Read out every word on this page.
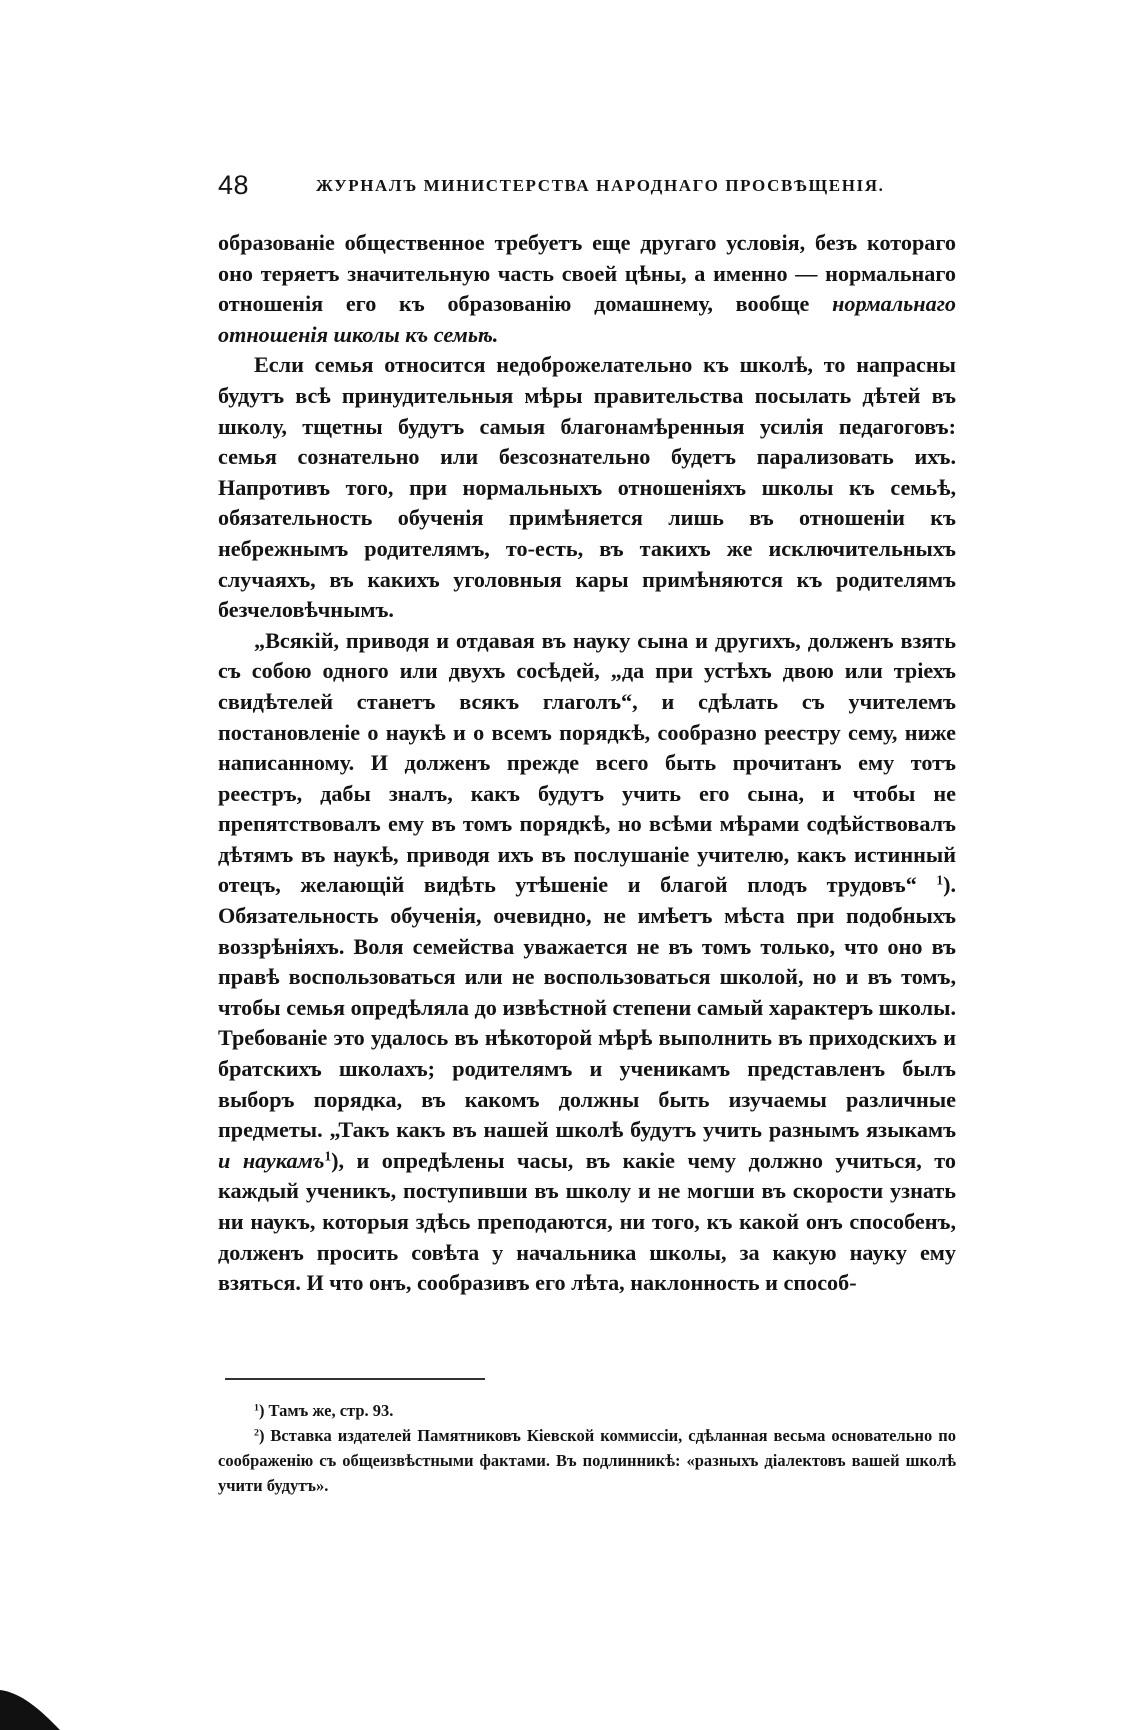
48	ЖУРНАЛЪ МИНИСТЕРСТВА НАРОДНАГО ПРОСВѢЩЕНІЯ.

образованіе общественное требуетъ еще другаго условія, безъ котораго оно теряетъ значительную часть своей цѣны, а именно — нормальнаго отношенія его къ образованію домашнему, вообще нормальнаго отношенія школы къ семьѣ.

Если семья относится недоброжелательно къ школѣ, то напрасны будутъ всѣ принудительныя мѣры правительства посылать дѣтей въ школу, тщетны будутъ самыя благонамѣренныя усилія педагоговъ: семья сознательно или безсознательно будетъ парализовать ихъ. Напротивъ того, при нормальныхъ отношеніяхъ школы къ семьѣ, обязательность обученія примѣняется лишь въ отношеніи къ небрежнымъ родителямъ, то-есть, въ такихъ же исключительныхъ случаяхъ, въ какихъ уголовныя кары примѣняются къ родителямъ безчеловѣчнымъ.

„Всякій, приводя и отдавая въ науку сына и другихъ, долженъ взять съ собою одного или двухъ сосѣдей, „да при устѣхъ двою или тріехъ свидѣтелей станетъ всякъ глаголъ“, и сдѣлать съ учителемъ постановленіе о наукѣ и о всемъ порядкѣ, сообразно реестру сему, ниже написанному. И долженъ прежде всего быть прочитанъ ему тотъ реестръ, дабы зналъ, какъ будутъ учить его сына, и чтобы не препятствовалъ ему въ томъ порядкѣ, но всѣми мѣрами содѣйствовалъ дѣтямъ въ наукѣ, приводя ихъ въ послушаніе учителю, какъ истинный отецъ, желающій видѣть утѣшеніе и благой плодъ трудовъ“ $^1$). Обязательность обученія, очевидно, не имѣетъ мѣста при подобныхъ воззрѣніяхъ. Воля семейства уважается не въ томъ только, что оно въ правѣ воспользоваться или не воспользоваться школой, но и въ томъ, чтобы семья опредѣляла до извѣстной степени самый характеръ школы. Требованіе это удалось въ нѣкоторой мѣрѣ выполнить въ приходскихъ и братскихъ школахъ; родителямъ и ученикамъ представленъ былъ выборъ порядка, въ какомъ должны быть изучаемы различные предметы. „Такъ какъ въ нашей школѣ будутъ учить разнымъ языкамъ и наукамъ$^1$), и опредѣлены часы, въ какіе чему должно учиться, то каждый ученикъ, поступивши въ школу и не могши въ скорости узнать ни наукъ, которыя здѣсь преподаются, ни того, къ какой онъ способенъ, долженъ просить совѣта у начальника школы, за какую науку ему взяться. И что онъ, сообразивъ его лѣта, наклонность и способ-

$^1$) Тамъ же, стр. 93.

$^2$) Вставка издателей Памятниковъ Кіевской коммиссіи, сдѣланная весьма основательно по соображенію съ общеизвѣстными фактами. Въ подлинникѣ: «разныхъ діалектовъ вашей школѣ учити будутъ».
